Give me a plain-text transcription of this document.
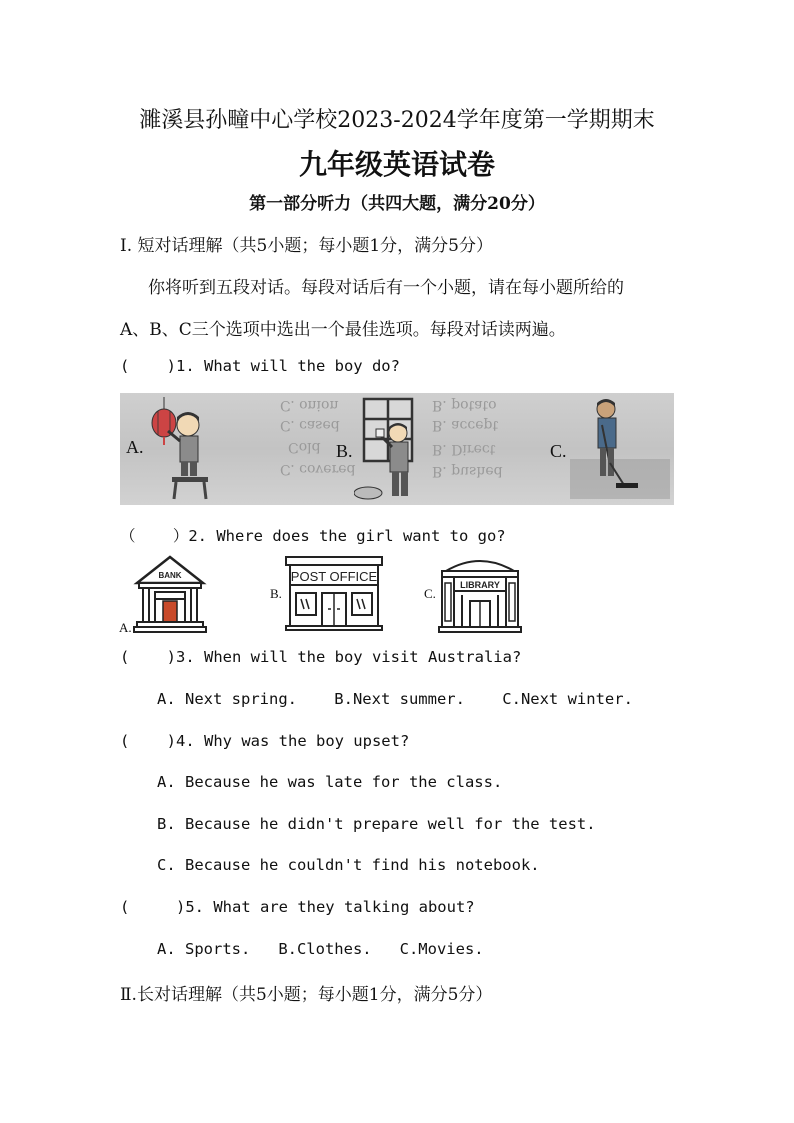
濉溪县孙疃中心学校2023-2024学年度第一学期期末
九年级英语试卷
第一部分听力（共四大题，满分20分）
I. 短对话理解（共5小题；每小题1分，满分5分）
你将听到五段对话。每段对话后有一个小题，请在每小题所给的
A、B、C三个选项中选出一个最佳选项。每段对话读两遍。
(    )1. What will the boy do?
C. onion	B. potato
C. cased	B. accept
Cold	B. Direct
C. covered	B. pushed
A.	B.	C.
（    ）2. Where does the girl want to go?
A.
BANK
B.
POST OFFICE
C.
LIBRARY
(    )3. When will the boy visit Australia?
A. Next spring.    B.Next summer.    C.Next winter.
(    )4. Why was the boy upset?
A. Because he was late for the class.
B. Because he didn't prepare well for the test.
C. Because he couldn't find his notebook.
(     )5. What are they talking about?
A. Sports.   B.Clothes.   C.Movies.
Ⅱ.长对话理解（共5小题；每小题1分，满分5分）
